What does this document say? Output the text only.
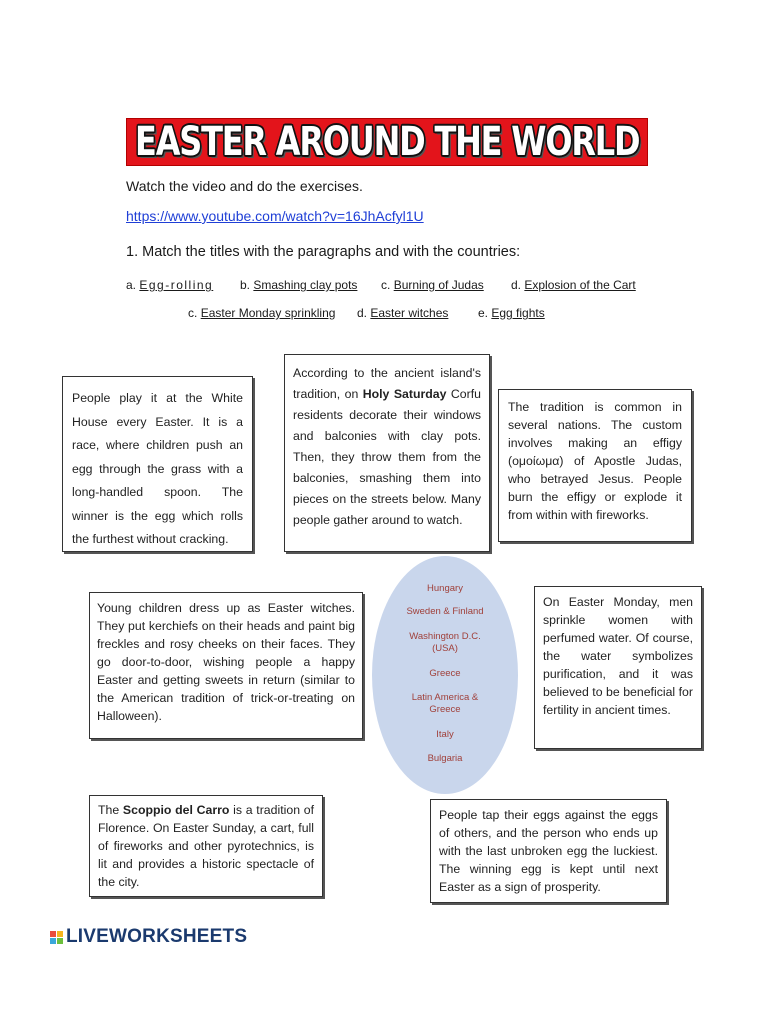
EASTER AROUND THE WORLD
Watch the video and do the exercises.
https://www.youtube.com/watch?v=16JhAcfyl1U
1. Match the titles with the paragraphs and with the countries:
a. Egg-rolling b. Smashing clay pots c. Burning of Judas d. Explosion of the Cart
c. Easter Monday sprinkling d. Easter witches e. Egg fights
People play it at the White House every Easter. It is a race, where children push an egg through the grass with a long-handled spoon. The winner is the egg which rolls the furthest without cracking.
According to the ancient island's tradition, on Holy Saturday Corfu residents decorate their windows and balconies with clay pots. Then, they throw them from the balconies, smashing them into pieces on the streets below. Many people gather around to watch.
The tradition is common in several nations. The custom involves making an effigy (ομοίωμα) of Apostle Judas, who betrayed Jesus. People burn the effigy or explode it from within with fireworks.
Young children dress up as Easter witches. They put kerchiefs on their heads and paint big freckles and rosy cheeks on their faces. They go door-to-door, wishing people a happy Easter and getting sweets in return (similar to the American tradition of trick-or-treating on Halloween).
On Easter Monday, men sprinkle women with perfumed water. Of course, the water symbolizes purification, and it was believed to be beneficial for fertility in ancient times.
The Scoppio del Carro is a tradition of Florence. On Easter Sunday, a cart, full of fireworks and other pyrotechnics, is lit and provides a historic spectacle of the city.
People tap their eggs against the eggs of others, and the person who ends up with the last unbroken egg the luckiest. The winning egg is kept until next Easter as a sign of prosperity.
Hungary
Sweden & Finland
Washington D.C.
(USA)
Greece
Latin America &
Greece
Italy
Bulgaria
LIVEWORKSHEETS
